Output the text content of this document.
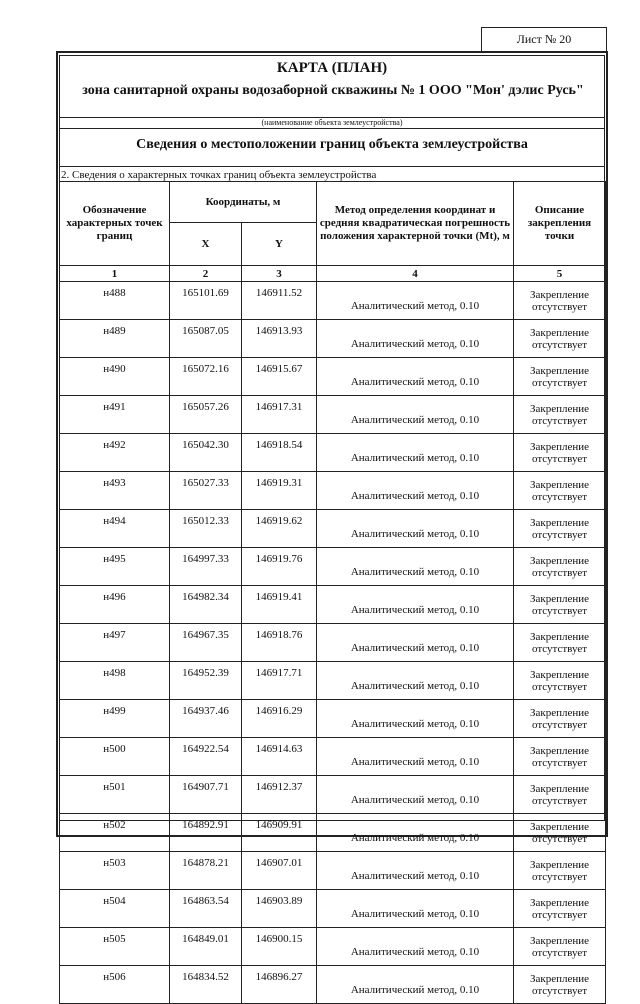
Лист № 20
КАРТА (ПЛАН)
зона санитарной охраны водозаборной скважины № 1 ООО "Мон' дэлис Русь"
(наименование объекта землеустройства)
Сведения о местоположении границ объекта землеустройства
2. Сведения о характерных точках границ объекта землеустройства
Обозначение характерных точек границ	Координаты, м		Метод определения координат и средняя квадратическая погрешность положения характерной точки (Mt), м	Описание закрепления точки
	X	Y		
1	2	3	4	5
н488	165101.69	146911.52	Аналитический метод, 0.10	Закрепление
отсутствует

н489	165087.05	146913.93	Аналитический метод, 0.10	Закрепление
отсутствует

н490	165072.16	146915.67	Аналитический метод, 0.10	Закрепление
отсутствует

н491	165057.26	146917.31	Аналитический метод, 0.10	Закрепление
отсутствует

н492	165042.30	146918.54	Аналитический метод, 0.10	Закрепление
отсутствует

н493	165027.33	146919.31	Аналитический метод, 0.10	Закрепление
отсутствует

н494	165012.33	146919.62	Аналитический метод, 0.10	Закрепление
отсутствует

н495	164997.33	146919.76	Аналитический метод, 0.10	Закрепление
отсутствует

н496	164982.34	146919.41	Аналитический метод, 0.10	Закрепление
отсутствует

н497	164967.35	146918.76	Аналитический метод, 0.10	Закрепление
отсутствует

н498	164952.39	146917.71	Аналитический метод, 0.10	Закрепление
отсутствует

н499	164937.46	146916.29	Аналитический метод, 0.10	Закрепление
отсутствует

н500	164922.54	146914.63	Аналитический метод, 0.10	Закрепление
отсутствует

н501	164907.71	146912.37	Аналитический метод, 0.10	Закрепление
отсутствует

н502	164892.91	146909.91	Аналитический метод, 0.10	Закрепление
отсутствует

н503	164878.21	146907.01	Аналитический метод, 0.10	Закрепление
отсутствует

н504	164863.54	146903.89	Аналитический метод, 0.10	Закрепление
отсутствует

н505	164849.01	146900.15	Аналитический метод, 0.10	Закрепление
отсутствует

н506	164834.52	146896.27	Аналитический метод, 0.10	Закрепление
отсутствует
